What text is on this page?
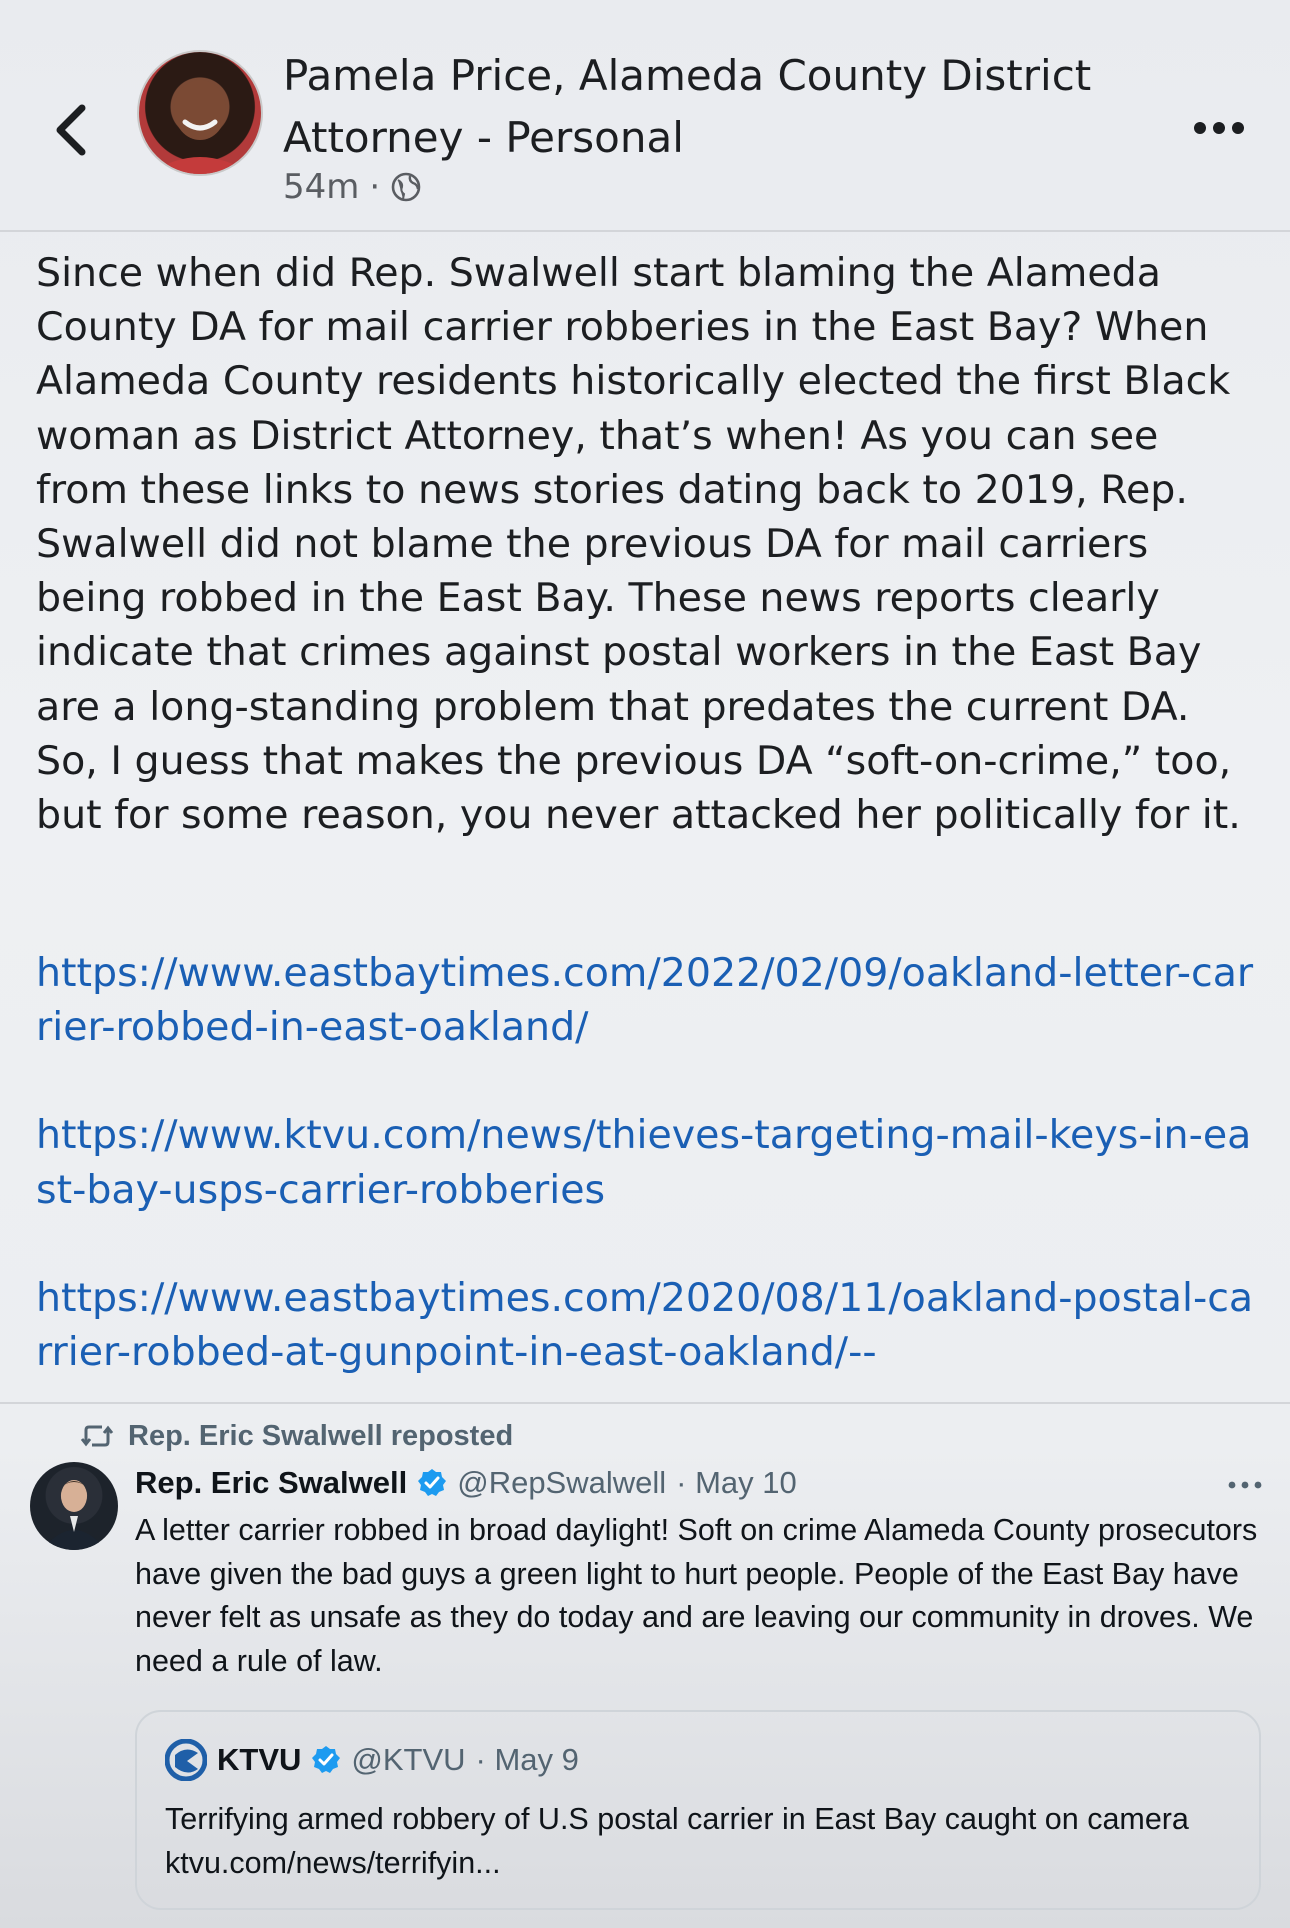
Pamela Price, Alameda County District Attorney - Personal
54m ·
Since when did Rep. Swalwell start blaming the Alameda County DA for mail carrier robberies in the East Bay? When Alameda County residents historically elected the first Black woman as District Attorney, that’s when! As you can see from these links to news stories dating back to 2019, Rep. Swalwell did not blame the previous DA for mail carriers being robbed in the East Bay. These news reports clearly indicate that crimes against postal workers in the East Bay are a long-standing problem that predates the current DA. So, I guess that makes the previous DA “soft-on-crime,” too, but for some reason, you never attacked her politically for it.
https://www.eastbaytimes.com/2022/02/09/oakland-letter-carrier-robbed-in-east-oakland/
https://www.ktvu.com/news/thieves-targeting-mail-keys-in-east-bay-usps-carrier-robberies
https://www.eastbaytimes.com/2020/08/11/oakland-postal-carrier-robbed-at-gunpoint-in-east-oakland/--
Rep. Eric Swalwell reposted
Rep. Eric Swalwell @RepSwalwell · May 10
A letter carrier robbed in broad daylight! Soft on crime Alameda County prosecutors have given the bad guys a green light to hurt people. People of the East Bay have never felt as unsafe as they do today and are leaving our community in droves. We need a rule of law.
KTVU @KTVU · May 9
Terrifying armed robbery of U.S postal carrier in East Bay caught on camera ktvu.com/news/terrifyin...
